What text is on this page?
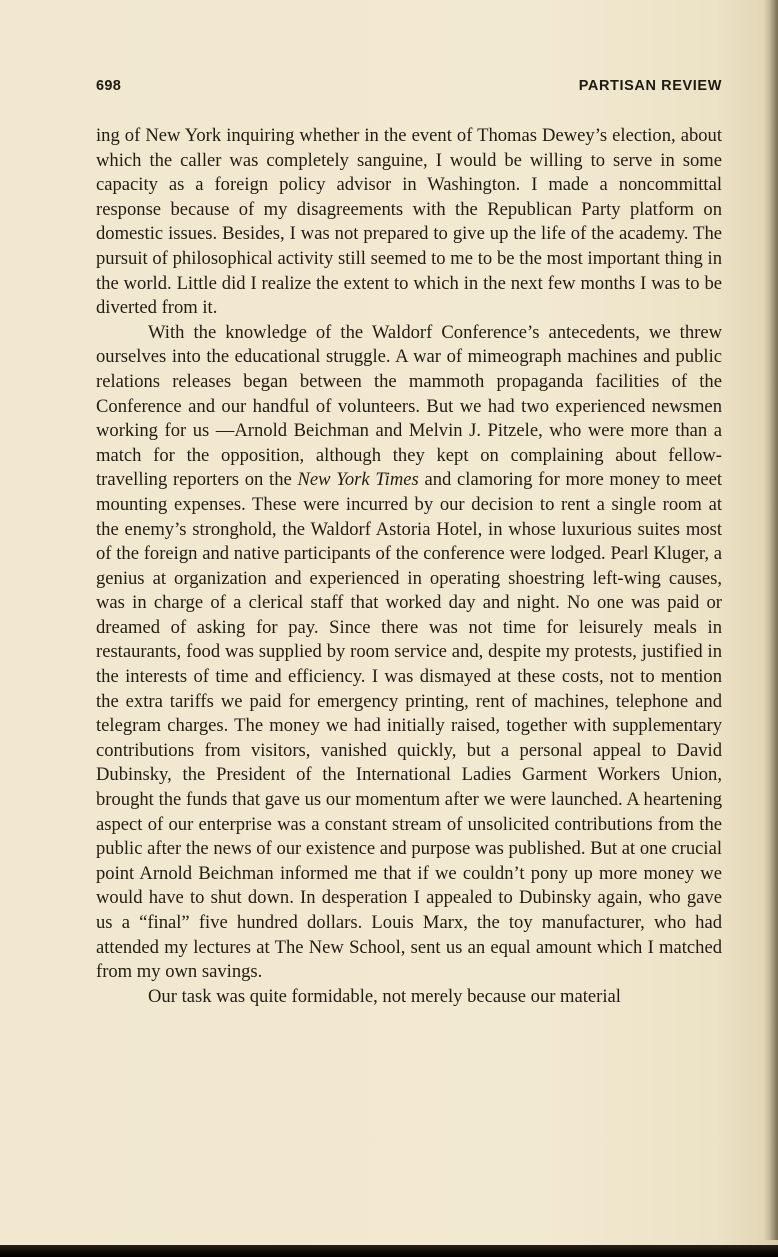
698	PARTISAN REVIEW

ing of New York inquiring whether in the event of Thomas Dewey’s election, about which the caller was completely sanguine, I would be willing to serve in some capacity as a foreign policy advisor in Washington. I made a noncommittal response because of my disagreements with the Republican Party platform on domestic issues. Besides, I was not prepared to give up the life of the academy. The pursuit of philosophical activity still seemed to me to be the most important thing in the world. Little did I realize the extent to which in the next few months I was to be diverted from it.

With the knowledge of the Waldorf Conference’s antecedents, we threw ourselves into the educational struggle. A war of mimeograph machines and public relations releases began between the mammoth propaganda facilities of the Conference and our handful of volunteers. But we had two experienced newsmen working for us —Arnold Beichman and Melvin J. Pitzele, who were more than a match for the opposition, although they kept on complaining about fellow-travelling reporters on the New York Times and clamoring for more money to meet mounting expenses. These were incurred by our decision to rent a single room at the enemy’s stronghold, the Waldorf Astoria Hotel, in whose luxurious suites most of the foreign and native participants of the conference were lodged. Pearl Kluger, a genius at organization and experienced in operating shoestring left-wing causes, was in charge of a clerical staff that worked day and night. No one was paid or dreamed of asking for pay. Since there was not time for leisurely meals in restaurants, food was supplied by room service and, despite my protests, justified in the interests of time and efficiency. I was dismayed at these costs, not to mention the extra tariffs we paid for emergency printing, rent of machines, telephone and telegram charges. The money we had initially raised, together with supplementary contributions from visitors, vanished quickly, but a personal appeal to David Dubinsky, the President of the International Ladies Garment Workers Union, brought the funds that gave us our momentum after we were launched. A heartening aspect of our enterprise was a constant stream of unsolicited contributions from the public after the news of our existence and purpose was published. But at one crucial point Arnold Beichman informed me that if we couldn’t pony up more money we would have to shut down. In desperation I appealed to Dubinsky again, who gave us a “final” five hundred dollars. Louis Marx, the toy manufacturer, who had attended my lectures at The New School, sent us an equal amount which I matched from my own savings.

Our task was quite formidable, not merely because our material
